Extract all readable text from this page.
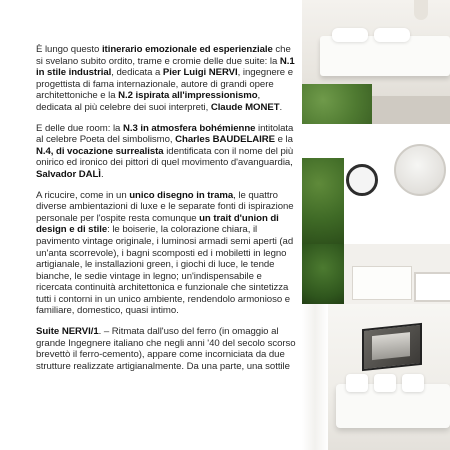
È lungo questo itinerario emozionale ed esperienziale che si svelano subito ordito, trame e cromie delle due suite: la N.1 in stile industrial, dedicata a Pier Luigi NERVI, ingegnere e progettista di fama internazionale, autore di grandi opere architettoniche e la N.2 ispirata all'impressionismo, dedicata al più celebre dei suoi interpreti, Claude MONET.

E delle due room: la N.3 in atmosfera bohémienne intitolata al celebre Poeta del simbolismo, Charles BAUDELAIRE e la N.4, di vocazione surrealista identificata con il nome del più onirico ed ironico dei pittori di quel movimento d'avanguardia, Salvador DALÌ.

A ricucire, come in un unico disegno in trama, le quattro diverse ambientazioni di luxe e le separate fonti di ispirazione personale per l'ospite resta comunque un trait d'union di design e di stile: le boiserie, la colorazione chiara, il pavimento vintage originale, i luminosi armadi semi aperti (ad un'anta scorrevole), i bagni scomposti ed i mobiletti in legno artigianale, le installazioni green, i giochi di luce, le tende bianche, le sedie vintage in legno; un'indispensabile e ricercata continuità architettonica e funzionale che sintetizza tutti i contorni in un unico ambiente, rendendolo armonioso e familiare, domestico, quasi intimo.

Suite NERVI/1. – Ritmata dall'uso del ferro (in omaggio al grande Ingegnere italiano che negli anni '40 del secolo scorso brevettò il ferro-cemento), appare come incorniciata da due strutture realizzate artigianalmente. Da una parte, una sottile
